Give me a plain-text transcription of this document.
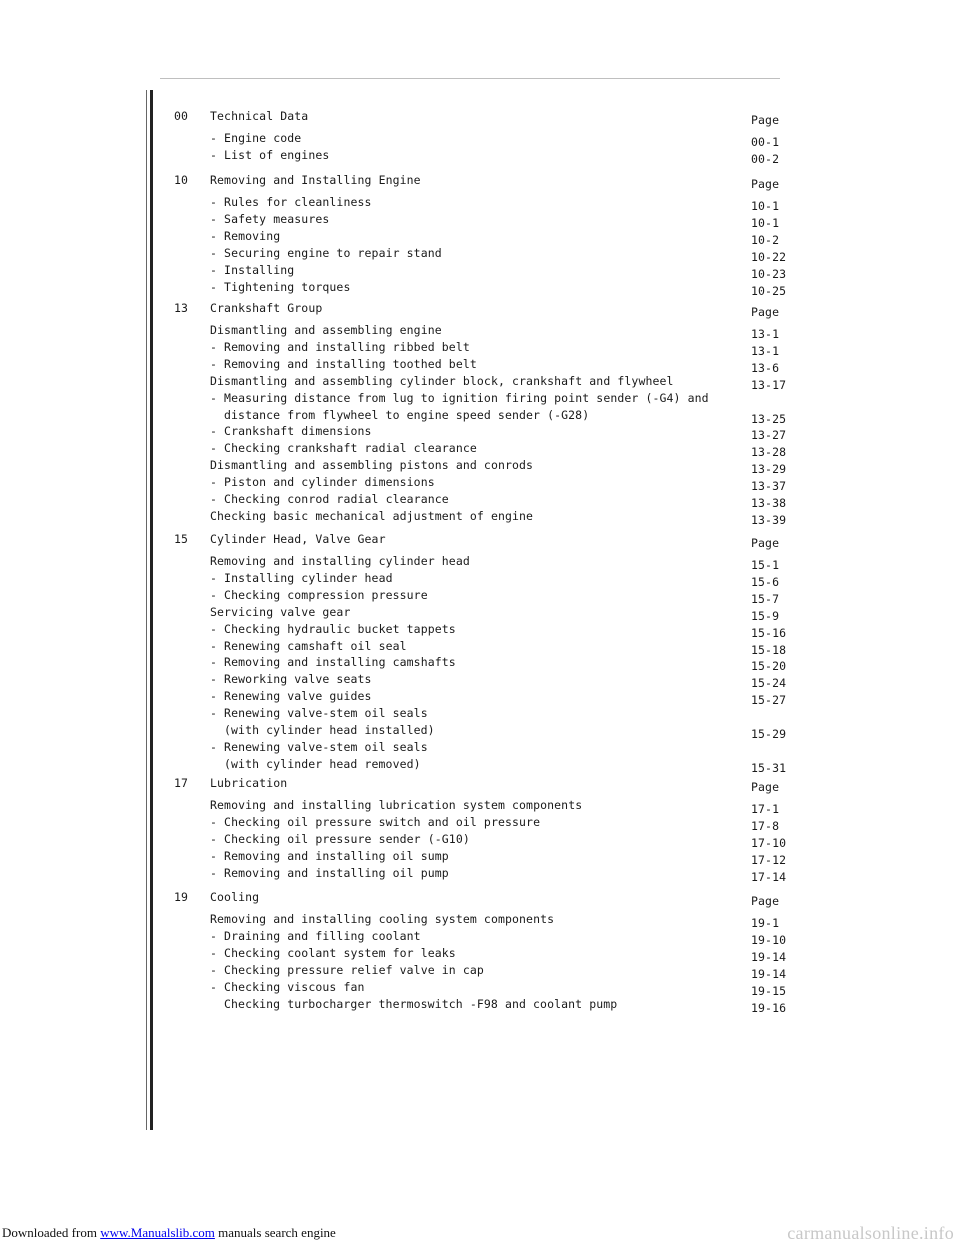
00 Technical Data	Page
- Engine code	00-1
- List of engines	00-2
10 Removing and Installing Engine	Page
- Rules for cleanliness	10-1
- Safety measures	10-1
- Removing	10-2
- Securing engine to repair stand	10-22
- Installing	10-23
- Tightening torques	10-25
13 Crankshaft Group	Page
Dismantling and assembling engine	13-1
- Removing and installing ribbed belt	13-1
- Removing and installing toothed belt	13-6
Dismantling and assembling cylinder block, crankshaft and flywheel	13-17
- Measuring distance from lug to ignition firing point sender (-G4) and
distance from flywheel to engine speed sender (-G28)	13-25
- Crankshaft dimensions	13-27
- Checking crankshaft radial clearance	13-28
Dismantling and assembling pistons and conrods	13-29
- Piston and cylinder dimensions	13-37
- Checking conrod radial clearance	13-38
Checking basic mechanical adjustment of engine	13-39
15 Cylinder Head, Valve Gear	Page
Removing and installing cylinder head	15-1
- Installing cylinder head	15-6
- Checking compression pressure	15-7
Servicing valve gear	15-9
- Checking hydraulic bucket tappets	15-16
- Renewing camshaft oil seal	15-18
- Removing and installing camshafts	15-20
- Reworking valve seats	15-24
- Renewing valve guides	15-27
- Renewing valve-stem oil seals
(with cylinder head installed)	15-29
- Renewing valve-stem oil seals
(with cylinder head removed)	15-31
17 Lubrication	Page
Removing and installing lubrication system components	17-1
- Checking oil pressure switch and oil pressure	17-8
- Checking oil pressure sender (-G10)	17-10
- Removing and installing oil sump	17-12
- Removing and installing oil pump	17-14
19 Cooling	Page
Removing and installing cooling system components	19-1
- Draining and filling coolant	19-10
- Checking coolant system for leaks	19-14
- Checking pressure relief valve in cap	19-14
- Checking viscous fan	19-15
Checking turbocharger thermoswitch -F98 and coolant pump	19-16
Downloaded from www.Manualslib.com manuals search engine	carmanualsonline.info
